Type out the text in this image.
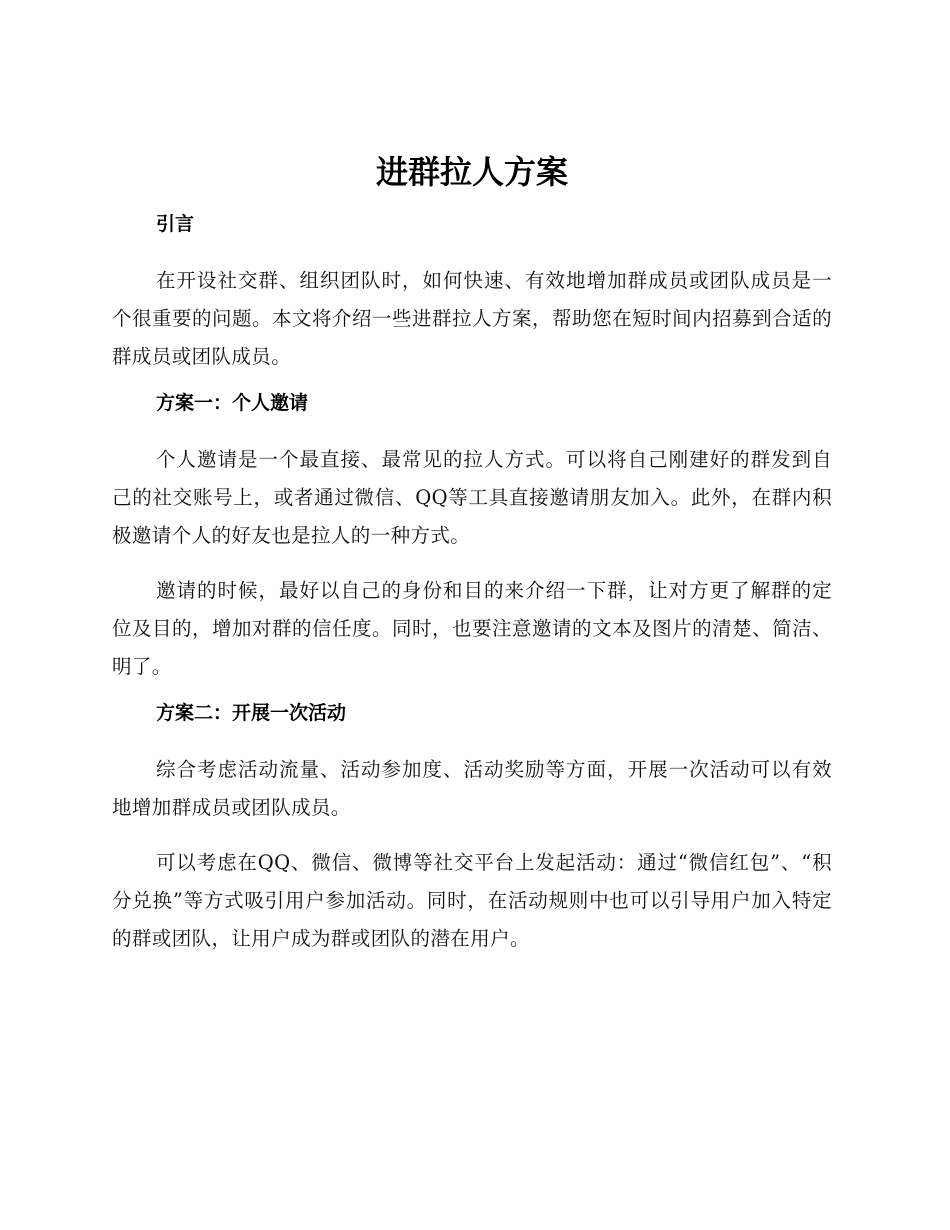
进群拉人方案
引言

在开设社交群、组织团队时，如何快速、有效地增加群成员或团队成员是一个很重要的问题。本文将介绍一些进群拉人方案，帮助您在短时间内招募到合适的群成员或团队成员。

方案一：个人邀请

个人邀请是一个最直接、最常见的拉人方式。可以将自己刚建好的群发到自己的社交账号上，或者通过微信、QQ等工具直接邀请朋友加入。此外，在群内积极邀请个人的好友也是拉人的一种方式。

邀请的时候，最好以自己的身份和目的来介绍一下群，让对方更了解群的定位及目的，增加对群的信任度。同时，也要注意邀请的文本及图片的清楚、简洁、明了。

方案二：开展一次活动

综合考虑活动流量、活动参加度、活动奖励等方面，开展一次活动可以有效地增加群成员或团队成员。

可以考虑在QQ、微信、微博等社交平台上发起活动：通过“微信红包”、“积分兑换”等方式吸引用户参加活动。同时，在活动规则中也可以引导用户加入特定的群或团队，让用户成为群或团队的潜在用户。
